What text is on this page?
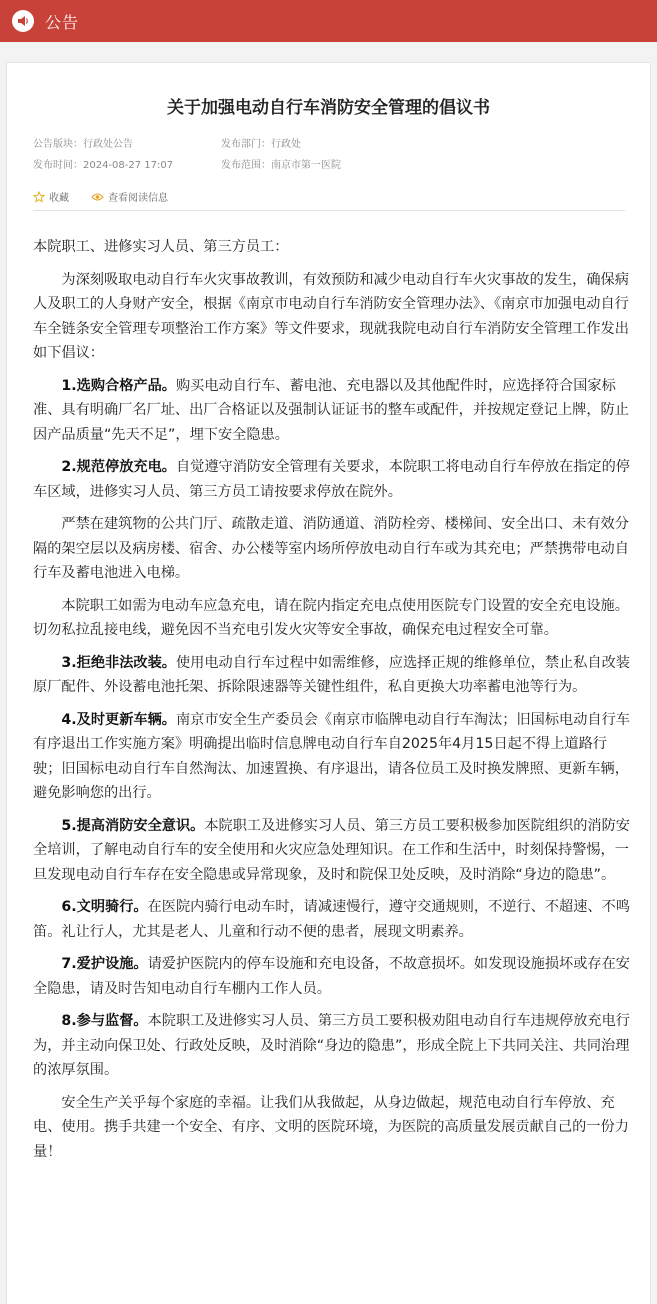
公告
关于加强电动自行车消防安全管理的倡议书
公告版块：行政处公告	发布部门：行政处
发布时间：2024-08-27 17:07	发布范围：南京市第一医院
收藏	查看阅读信息

本院职工、进修实习人员、第三方员工：

为深刻吸取电动自行车火灾事故教训，有效预防和减少电动自行车火灾事故的发生，确保病人及职工的人身财产安全，根据《南京市电动自行车消防安全管理办法》、《南京市加强电动自行车全链条安全管理专项整治工作方案》等文件要求，现就我院电动自行车消防安全管理工作发出如下倡议：

1.选购合格产品。购买电动自行车、蓄电池、充电器以及其他配件时，应选择符合国家标准、具有明确厂名厂址、出厂合格证以及强制认证证书的整车或配件，并按规定登记上牌，防止因产品质量“先天不足”，埋下安全隐患。

2.规范停放充电。自觉遵守消防安全管理有关要求，本院职工将电动自行车停放在指定的停车区域，进修实习人员、第三方员工请按要求停放在院外。

严禁在建筑物的公共门厅、疏散走道、消防通道、消防栓旁、楼梯间、安全出口、未有效分隔的架空层以及病房楼、宿舍、办公楼等室内场所停放电动自行车或为其充电；严禁携带电动自行车及蓄电池进入电梯。

本院职工如需为电动车应急充电，请在院内指定充电点使用医院专门设置的安全充电设施。切勿私拉乱接电线，避免因不当充电引发火灾等安全事故，确保充电过程安全可靠。

3.拒绝非法改装。使用电动自行车过程中如需维修，应选择正规的维修单位，禁止私自改装原厂配件、外设蓄电池托架、拆除限速器等关键性组件，私自更换大功率蓄电池等行为。

4.及时更新车辆。南京市安全生产委员会《南京市临牌电动自行车淘汰；旧国标电动自行车有序退出工作实施方案》明确提出临时信息牌电动自行车自2025年4月15日起不得上道路行驶；旧国标电动自行车自然淘汰、加速置换、有序退出，请各位员工及时换发牌照、更新车辆，避免影响您的出行。

5.提高消防安全意识。本院职工及进修实习人员、第三方员工要积极参加医院组织的消防安全培训，了解电动自行车的安全使用和火灾应急处理知识。在工作和生活中，时刻保持警惕，一旦发现电动自行车存在安全隐患或异常现象，及时和院保卫处反映，及时消除“身边的隐患”。

6.文明骑行。在医院内骑行电动车时，请减速慢行，遵守交通规则，不逆行、不超速、不鸣笛。礼让行人，尤其是老人、儿童和行动不便的患者，展现文明素养。

7.爱护设施。请爱护医院内的停车设施和充电设备，不故意损坏。如发现设施损坏或存在安全隐患，请及时告知电动自行车棚内工作人员。

8.参与监督。本院职工及进修实习人员、第三方员工要积极劝阻电动自行车违规停放充电行为，并主动向保卫处、行政处反映，及时消除“身边的隐患”，形成全院上下共同关注、共同治理的浓厚氛围。

安全生产关乎每个家庭的幸福。让我们从我做起，从身边做起，规范电动自行车停放、充电、使用。携手共建一个安全、有序、文明的医院环境，为医院的高质量发展贡献自己的一份力量！
